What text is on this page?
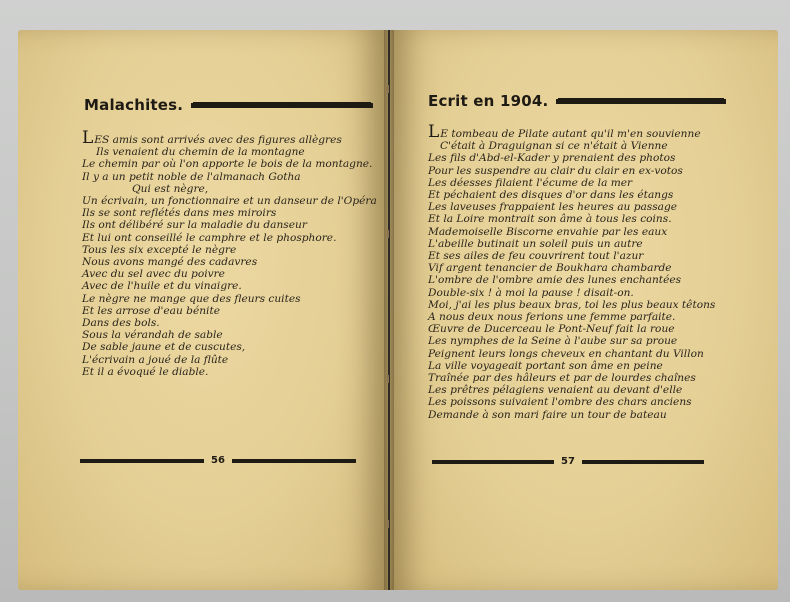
Malachites.
LES amis sont arrivés avec des figures allègres
Ils venaient du chemin de la montagne
Le chemin par où l'on apporte le bois de la montagne.
Il y a un petit noble de l'almanach Gotha
Qui est nègre,
Un écrivain, un fonctionnaire et un danseur de l'Opéra
Ils se sont reflétés dans mes miroirs
Ils ont délibéré sur la maladie du danseur
Et lui ont conseillé le camphre et le phosphore.
Tous les six excepté le nègre
Nous avons mangé des cadavres
Avec du sel avec du poivre
Avec de l'huile et du vinaigre.
Le nègre ne mange que des fleurs cuites
Et les arrose d'eau bénite
Dans des bols.
Sous la vérandah de sable
De sable jaune et de cuscutes,
L'écrivain a joué de la flûte
Et il a évoqué le diable.
56
Ecrit en 1904.
LE tombeau de Pilate autant qu'il m'en souvienne
C'était à Draguignan si ce n'était à Vienne
Les fils d'Abd-el-Kader y prenaient des photos
Pour les suspendre au clair du clair en ex-votos
Les déesses filaient l'écume de la mer
Et péchaient des disques d'or dans les étangs
Les laveuses frappaient les heures au passage
Et la Loire montrait son âme à tous les coins.
Mademoiselle Biscorne envahie par les eaux
L'abeille butinait un soleil puis un autre
Et ses ailes de feu couvrirent tout l'azur
Vif argent tenancier de Boukhara chambarde
L'ombre de l'ombre amie des lunes enchantées
Double-six ! à moi la pause ! disait-on.
Moi, j'ai les plus beaux bras, toi les plus beaux têtons
A nous deux nous ferions une femme parfaite.
Œuvre de Ducerceau le Pont-Neuf fait la roue
Les nymphes de la Seine à l'aube sur sa proue
Peignent leurs longs cheveux en chantant du Villon
La ville voyageait portant son âme en peine
Traînée par des hâleurs et par de lourdes chaînes
Les prêtres pélagiens venaient au devant d'elle
Les poissons suivaient l'ombre des chars anciens
Demande à son mari faire un tour de bateau
57
